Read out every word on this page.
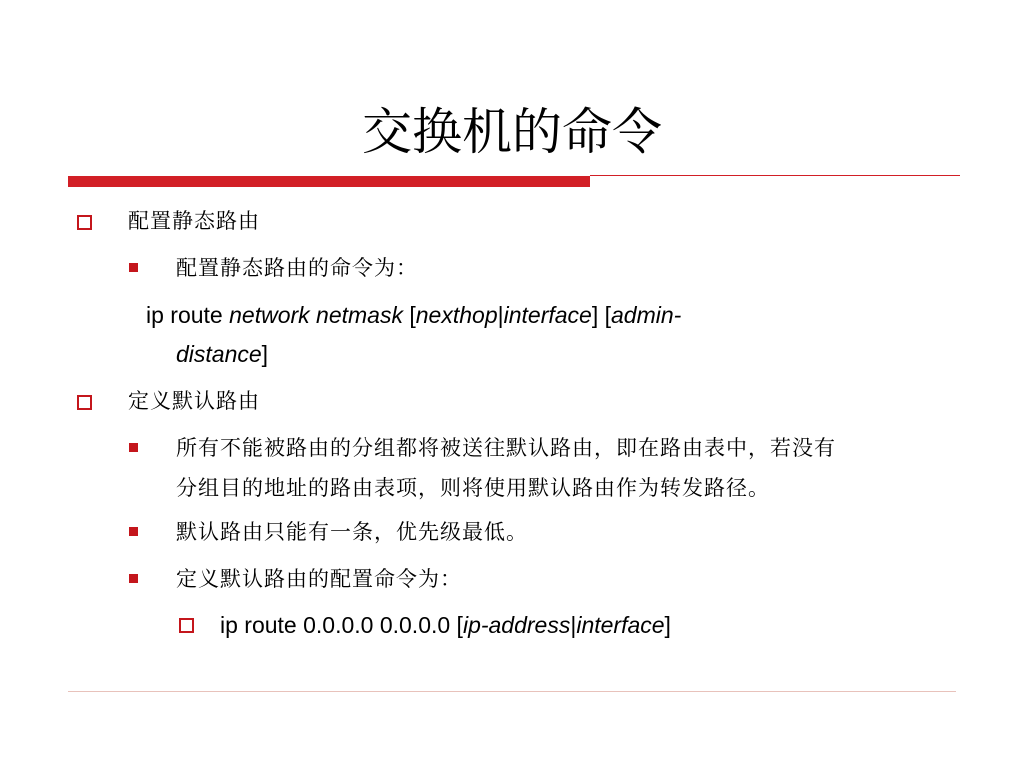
交换机的命令
配置静态路由
配置静态路由的命令为：
ip route network netmask [nexthop|interface] [admin-
distance]
定义默认路由
所有不能被路由的分组都将被送往默认路由，即在路由表中，若没有
分组目的地址的路由表项，则将使用默认路由作为转发路径。
默认路由只能有一条，优先级最低。
定义默认路由的配置命令为：
ip route 0.0.0.0 0.0.0.0 [ip-address|interface]
